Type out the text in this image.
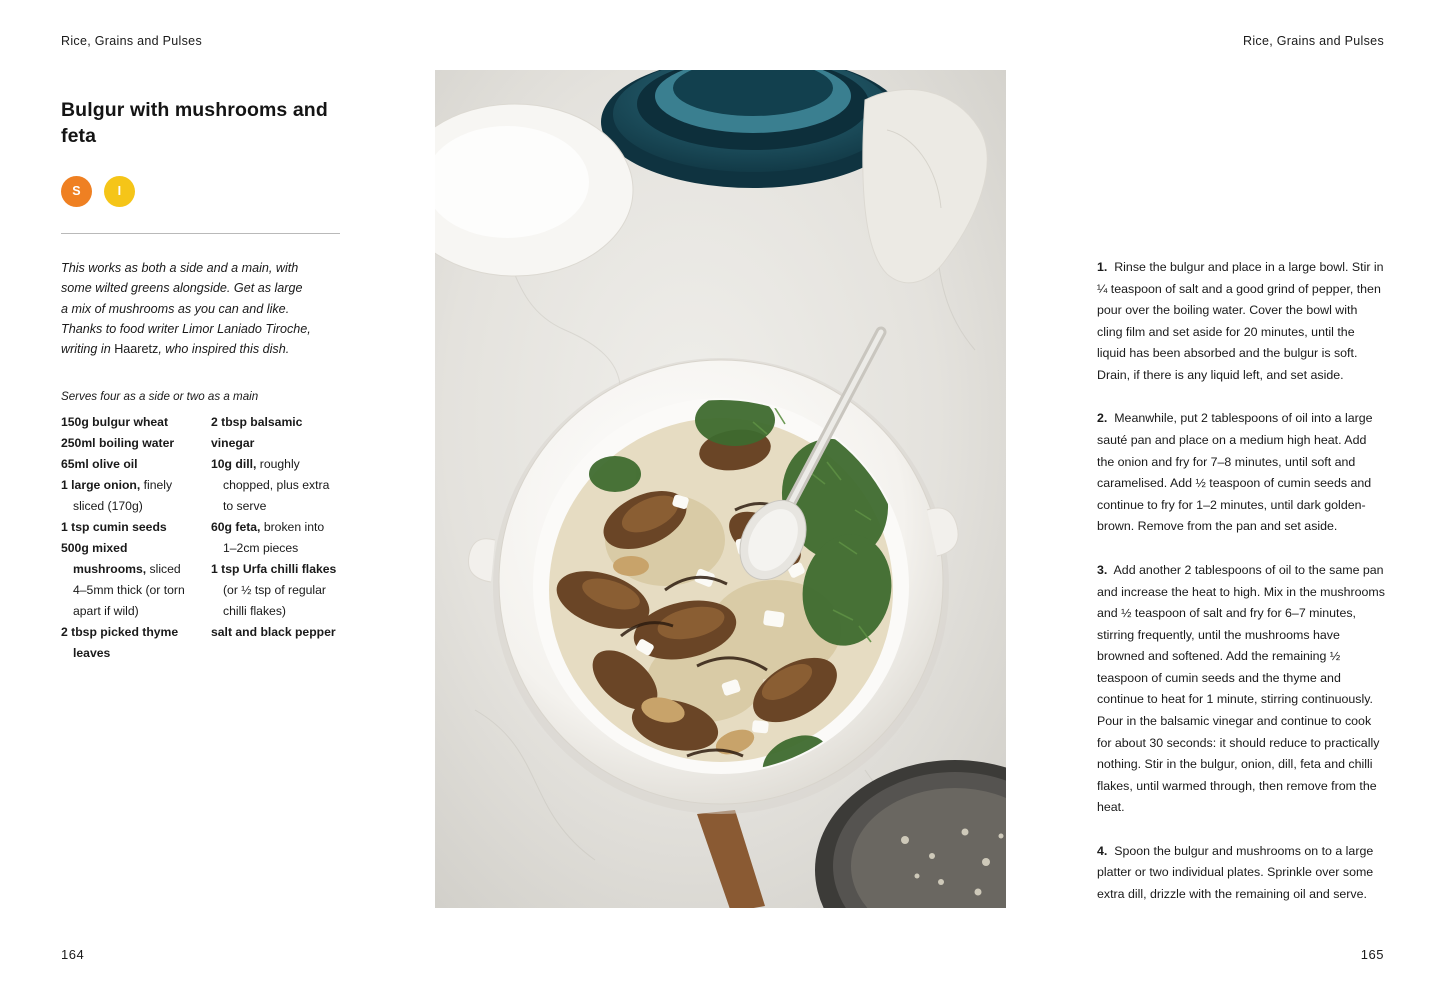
Rice, Grains and Pulses	Rice, Grains and Pulses
Bulgur with mushrooms and feta
S	I

This works as both a side and a main, with some wilted greens alongside. Get as large a mix of mushrooms as you can and like. Thanks to food writer Limor Laniado Tiroche, writing in Haaretz, who inspired this dish.

Serves four as a side or two as a main

150g bulgur wheat
250ml boiling water
65ml olive oil
1 large onion, finely
sliced (170g)
1 tsp cumin seeds
500g mixed
mushrooms, sliced
4–5mm thick (or torn
apart if wild)
2 tbsp picked thyme
leaves
2 tbsp balsamic vinegar
10g dill, roughly
chopped, plus extra
to serve
60g feta, broken into
1–2cm pieces
1 tsp Urfa chilli flakes
(or ½ tsp of regular
chilli flakes)
salt and black pepper

1. Rinse the bulgur and place in a large bowl. Stir in ¼ teaspoon of salt and a good grind of pepper, then pour over the boiling water. Cover the bowl with cling film and set aside for 20 minutes, until the liquid has been absorbed and the bulgur is soft. Drain, if there is any liquid left, and set aside.

2. Meanwhile, put 2 tablespoons of oil into a large sauté pan and place on a medium high heat. Add the onion and fry for 7–8 minutes, until soft and caramelised. Add ½ teaspoon of cumin seeds and continue to fry for 1–2 minutes, until dark golden-brown. Remove from the pan and set aside.

3. Add another 2 tablespoons of oil to the same pan and increase the heat to high. Mix in the mushrooms and ½ teaspoon of salt and fry for 6–7 minutes, stirring frequently, until the mushrooms have browned and softened. Add the remaining ½ teaspoon of cumin seeds and the thyme and continue to heat for 1 minute, stirring continuously. Pour in the balsamic vinegar and continue to cook for about 30 seconds: it should reduce to practically nothing. Stir in the bulgur, onion, dill, feta and chilli flakes, until warmed through, then remove from the heat.

4. Spoon the bulgur and mushrooms on to a large platter or two individual plates. Sprinkle over some extra dill, drizzle with the remaining oil and serve.

164	165
